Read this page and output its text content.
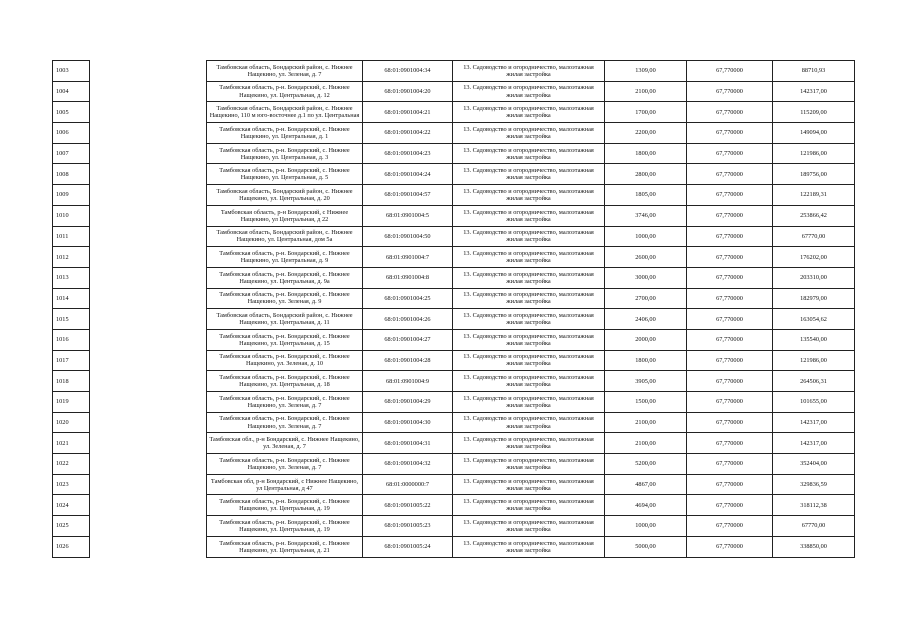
1003		Тамбовская область, Бондарский район, с. Нижнее Нащекино, ул. Зеленая, д. 7	68:01:0901004:34	13. Садоводство и огородничество, малоэтажная жилая застройка	1309,00	67,770000	88710,93
1004		Тамбовская область, р-н. Бондарский, с. Нижнее Нащекино, ул. Центральная, д. 12	68:01:0901004:20	13. Садоводство и огородничество, малоэтажная жилая застройка	2100,00	67,770000	142317,00
1005		Тамбовская область, Бондарский район, с. Нижнее Нащекино, 110 м юго-восточнее д.1 по ул. Центральная	68:01:0901004:21	13. Садоводство и огородничество, малоэтажная жилая застройка	1700,00	67,770000	115209,00
1006		Тамбовская область, р-н. Бондарский, с. Нижнее Нащекино, ул. Центральная, д. 1	68:01:0901004:22	13. Садоводство и огородничество, малоэтажная жилая застройка	2200,00	67,770000	149094,00
1007		Тамбовская область, р-н. Бондарский, с. Нижнее Нащекино, ул. Центральная, д. 3	68:01:0901004:23	13. Садоводство и огородничество, малоэтажная жилая застройка	1800,00	67,770000	121986,00
1008		Тамбовская область, р-н. Бондарский, с. Нижнее Нащекино, ул. Центральная, д. 5	68:01:0901004:24	13. Садоводство и огородничество, малоэтажная жилая застройка	2800,00	67,770000	189756,00
1009		Тамбовская область, Бондарский район, с. Нижнее Нащекино, ул. Центральная, д. 20	68:01:0901004:57	13. Садоводство и огородничество, малоэтажная жилая застройка	1805,00	67,770000	122189,31
1010		Тамбовская область, р-н Бондарский, с Нижнее Нащекино, ул Центральная, д 22	68:01:0901004:5	13. Садоводство и огородничество, малоэтажная жилая застройка	3746,00	67,770000	253866,42
1011		Тамбовская область, Бондарский район, с. Нижнее Нащекино, ул. Центральная, дом 5а	68:01:0901004:50	13. Садоводство и огородничество, малоэтажная жилая застройка	1000,00	67,770000	67770,00
1012		Тамбовская область, р-н. Бондарский, с. Нижнее Нащекино, ул. Центральная, д. 9	68:01:0901004:7	13. Садоводство и огородничество, малоэтажная жилая застройка	2600,00	67,770000	176202,00
1013		Тамбовская область, р-н. Бондарский, с. Нижнее Нащекино, ул. Центральная, д. 9а	68:01:0901004:8	13. Садоводство и огородничество, малоэтажная жилая застройка	3000,00	67,770000	203310,00
1014		Тамбовская область, р-н. Бондарский, с. Нижнее Нащекино, ул. Зеленая, д. 9	68:01:0901004:25	13. Садоводство и огородничество, малоэтажная жилая застройка	2700,00	67,770000	182979,00
1015		Тамбовская область, Бондарский район, с. Нижнее Нащекино, ул. Центральная, д. 11	68:01:0901004:26	13. Садоводство и огородничество, малоэтажная жилая застройка	2406,00	67,770000	163054,62
1016		Тамбовская область, р-н. Бондарский, с. Нижнее Нащекино, ул. Центральная, д. 15	68:01:0901004:27	13. Садоводство и огородничество, малоэтажная жилая застройка	2000,00	67,770000	135540,00
1017		Тамбовская область, р-н. Бондарский, с. Нижнее Нащекино, ул. Зеленая, д. 10	68:01:0901004:28	13. Садоводство и огородничество, малоэтажная жилая застройка	1800,00	67,770000	121986,00
1018		Тамбовская область, р-н. Бондарский, с. Нижнее Нащекино, ул. Центральная, д. 18	68:01:0901004:9	13. Садоводство и огородничество, малоэтажная жилая застройка	3905,00	67,770000	264506,31
1019		Тамбовская область, р-н. Бондарский, с. Нижнее Нащекино, ул. Зеленая, д. 7	68:01:0901004:29	13. Садоводство и огородничество, малоэтажная жилая застройка	1500,00	67,770000	101655,00
1020		Тамбовская область, р-н. Бондарский, с. Нижнее Нащекино, ул. Зеленая, д. 7	68:01:0901004:30	13. Садоводство и огородничество, малоэтажная жилая застройка	2100,00	67,770000	142317,00
1021		Тамбовская обл., р-н Бондарский, с. Нижнее Нащекино, ул. Зеленая, д. 7	68:01:0901004:31	13. Садоводство и огородничество, малоэтажная жилая застройка	2100,00	67,770000	142317,00
1022		Тамбовская область, р-н. Бондарский, с. Нижнее Нащекино, ул. Зеленая, д. 7	68:01:0901004:32	13. Садоводство и огородничество, малоэтажная жилая застройка	5200,00	67,770000	352404,00
1023		Тамбовская обл, р-н Бондарский, с Нижнее Нащекино, ул Центральная, д 47	68:01:0000000:7	13. Садоводство и огородничество, малоэтажная жилая застройка	4867,00	67,770000	329836,59
1024		Тамбовская область, р-н. Бондарский, с. Нижнее Нащекино, ул. Центральная, д. 19	68:01:0901005:22	13. Садоводство и огородничество, малоэтажная жилая застройка	4694,00	67,770000	318112,38
1025		Тамбовская область, р-н. Бондарский, с. Нижнее Нащекино, ул. Центральная, д. 19	68:01:0901005:23	13. Садоводство и огородничество, малоэтажная жилая застройка	1000,00	67,770000	67770,00
1026		Тамбовская область, р-н. Бондарский, с. Нижнее Нащекино, ул. Центральная, д. 21	68:01:0901005:24	13. Садоводство и огородничество, малоэтажная жилая застройка	5000,00	67,770000	338850,00
